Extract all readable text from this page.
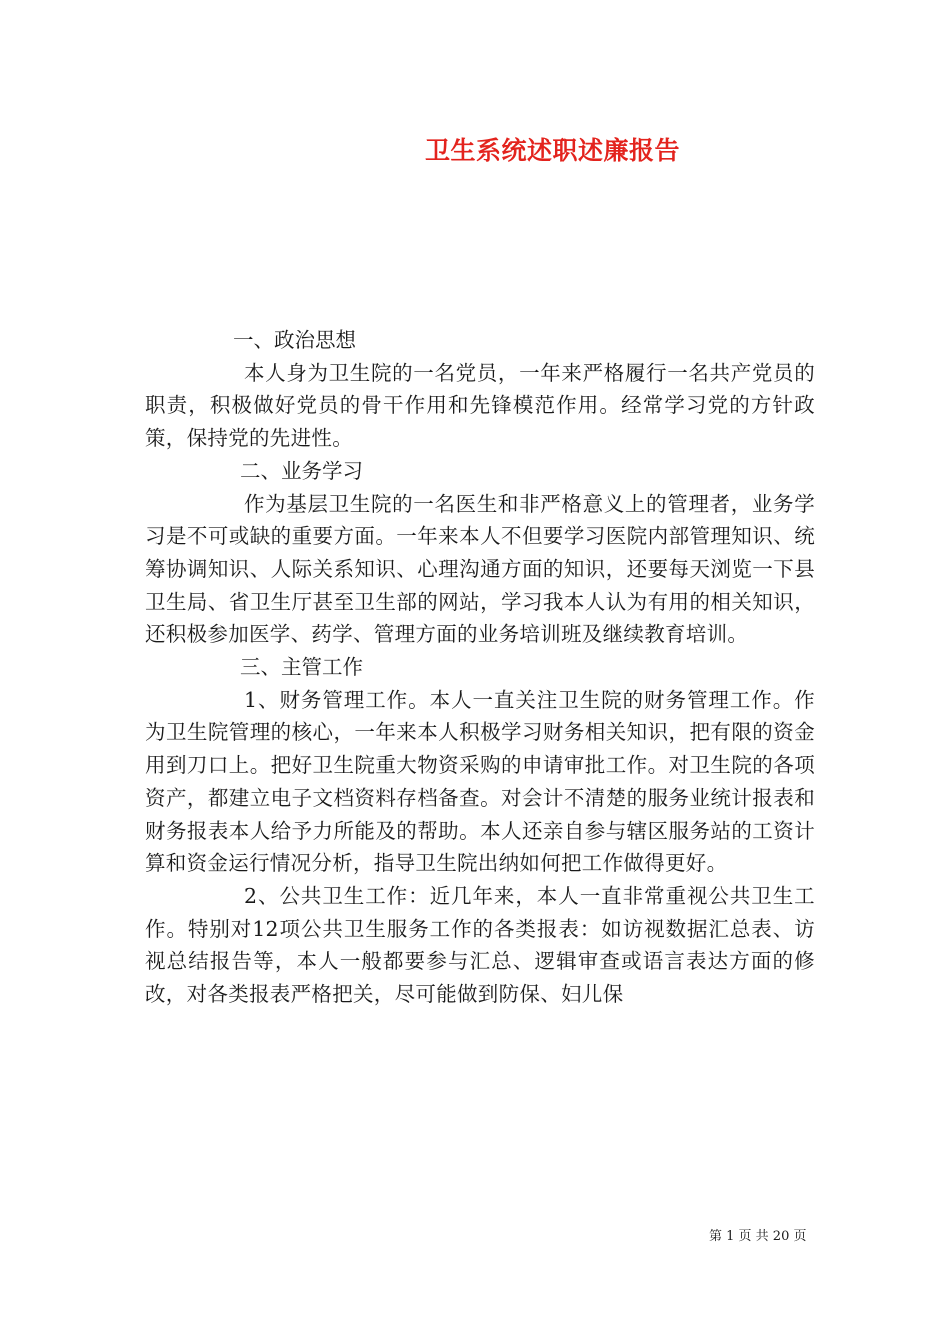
卫生系统述职述廉报告

一、政治思想

本人身为卫生院的一名党员，一年来严格履行一名共产党员的职责，积极做好党员的骨干作用和先锋模范作用。经常学习党的方针政策，保持党的先进性。

二、业务学习

作为基层卫生院的一名医生和非严格意义上的管理者，业务学习是不可或缺的重要方面。一年来本人不但要学习医院内部管理知识、统筹协调知识、人际关系知识、心理沟通方面的知识，还要每天浏览一下县卫生局、省卫生厅甚至卫生部的网站，学习我本人认为有用的相关知识，还积极参加医学、药学、管理方面的业务培训班及继续教育培训。

三、主管工作

1、财务管理工作。本人一直关注卫生院的财务管理工作。作为卫生院管理的核心，一年来本人积极学习财务相关知识，把有限的资金用到刀口上。把好卫生院重大物资采购的申请审批工作。对卫生院的各项资产，都建立电子文档资料存档备查。对会计不清楚的服务业统计报表和财务报表本人给予力所能及的帮助。本人还亲自参与辖区服务站的工资计算和资金运行情况分析，指导卫生院出纳如何把工作做得更好。

2、公共卫生工作：近几年来，本人一直非常重视公共卫生工作。特别对12项公共卫生服务工作的各类报表：如访视数据汇总表、访视总结报告等，本人一般都要参与汇总、逻辑审查或语言表达方面的修改，对各类报表严格把关，尽可能做到防保、妇儿保

第 1 页 共 20 页
